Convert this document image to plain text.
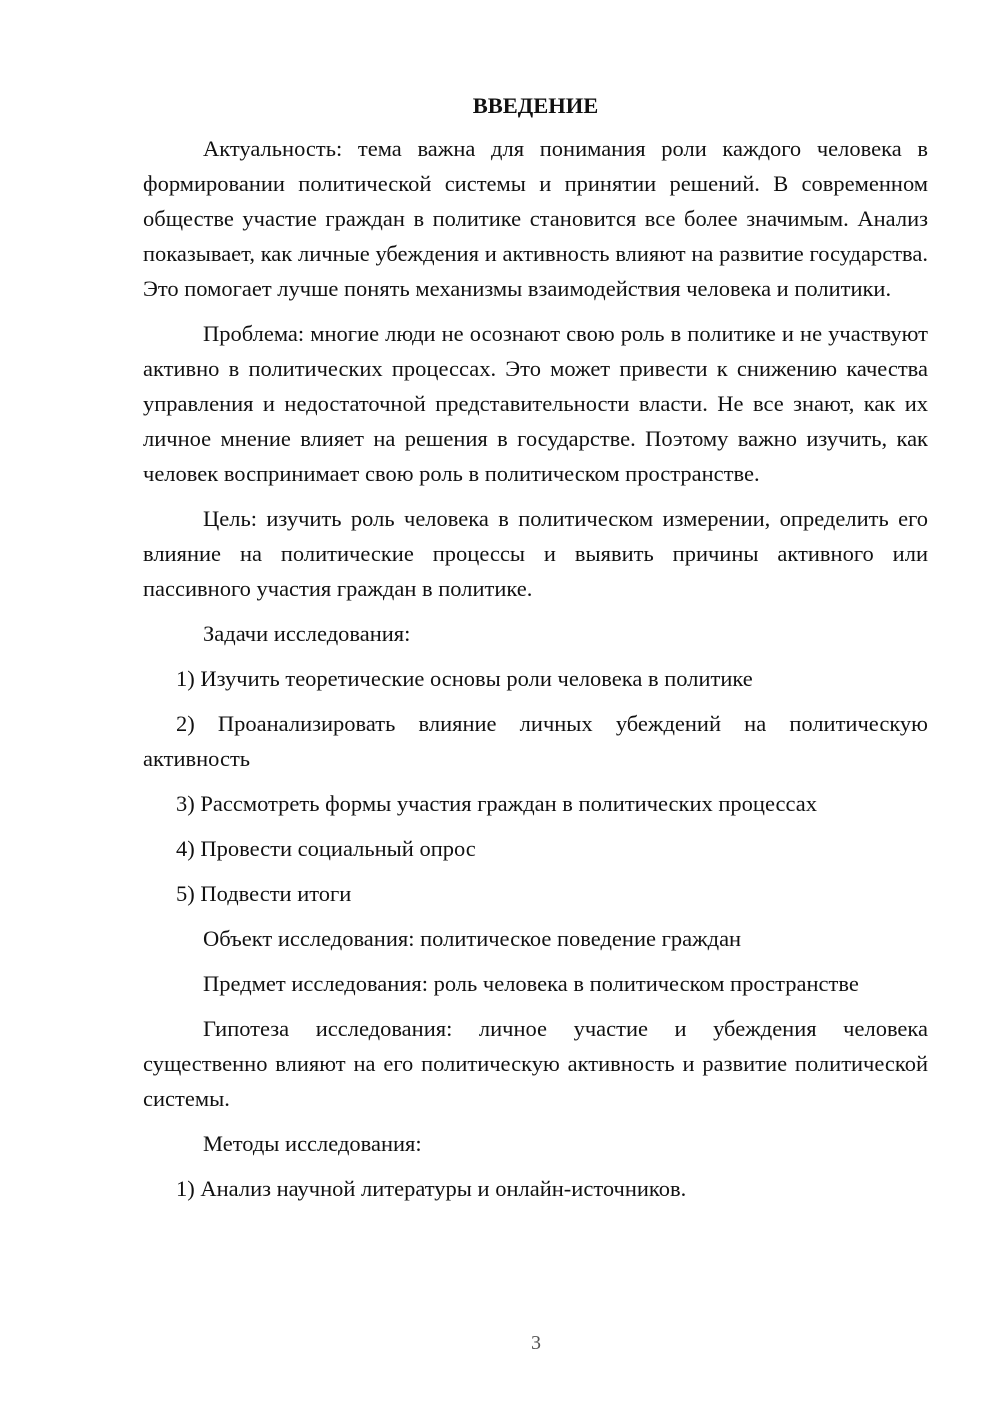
ВВЕДЕНИЕ

Актуальность: тема важна для понимания роли каждого человека в формировании политической системы и принятии решений. В современном обществе участие граждан в политике становится все более значимым. Анализ показывает, как личные убеждения и активность влияют на развитие государства. Это помогает лучше понять механизмы взаимодействия человека и политики.

Проблема: многие люди не осознают свою роль в политике и не участвуют активно в политических процессах. Это может привести к снижению качества управления и недостаточной представительности власти. Не все знают, как их личное мнение влияет на решения в государстве. Поэтому важно изучить, как человек воспринимает свою роль в политическом пространстве.

Цель: изучить роль человека в политическом измерении, определить его влияние на политические процессы и выявить причины активного или пассивного участия граждан в политике.

Задачи исследования:

1) Изучить теоретические основы роли человека в политике

2) Проанализировать влияние личных убеждений на политическую активность

3) Рассмотреть формы участия граждан в политических процессах

4) Провести социальный опрос

5) Подвести итоги

Объект исследования: политическое поведение граждан

Предмет исследования: роль человека в политическом пространстве

Гипотеза исследования: личное участие и убеждения человека существенно влияют на его политическую активность и развитие политической системы.

Методы исследования:

1) Анализ научной литературы и онлайн-источников.

3
